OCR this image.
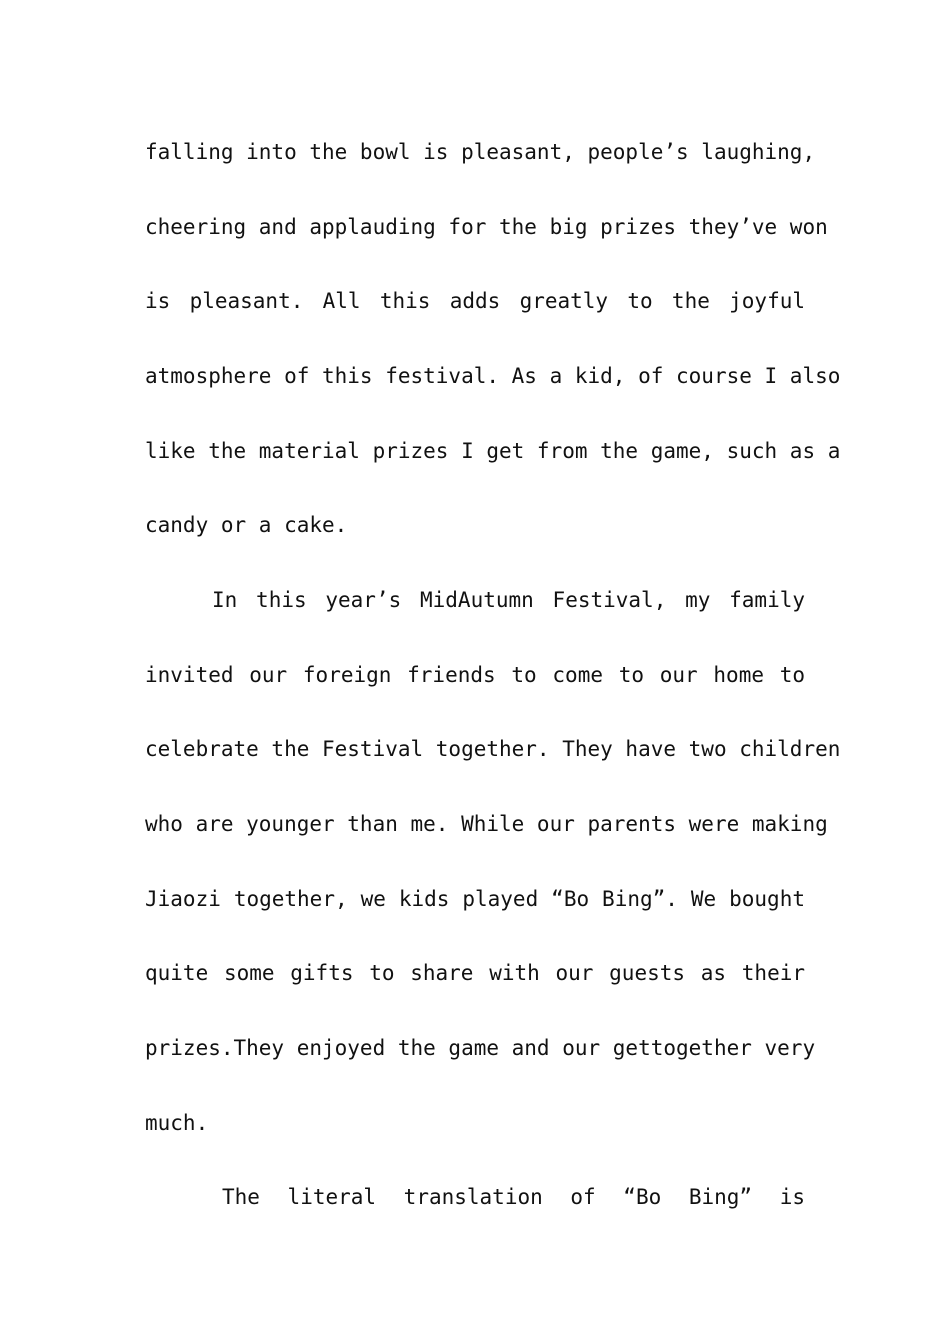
falling into the bowl is pleasant, people’s laughing,
cheering and applauding for the big prizes they’ve won
is pleasant. All this adds greatly to the joyful
atmosphere of this festival. As a kid, of course I also
like the material prizes I get from the game, such as a
candy or a cake.
In this year’s MidAutumn Festival, my family
invited our foreign friends to come to our home to
celebrate the Festival together. They have two children
who are younger than me. While our parents were making
Jiaozi together, we kids played “Bo Bing”. We bought
quite some gifts to share with our guests as their
prizes.They enjoyed the game and our gettogether very
much.
The literal translation of “Bo Bing” is
